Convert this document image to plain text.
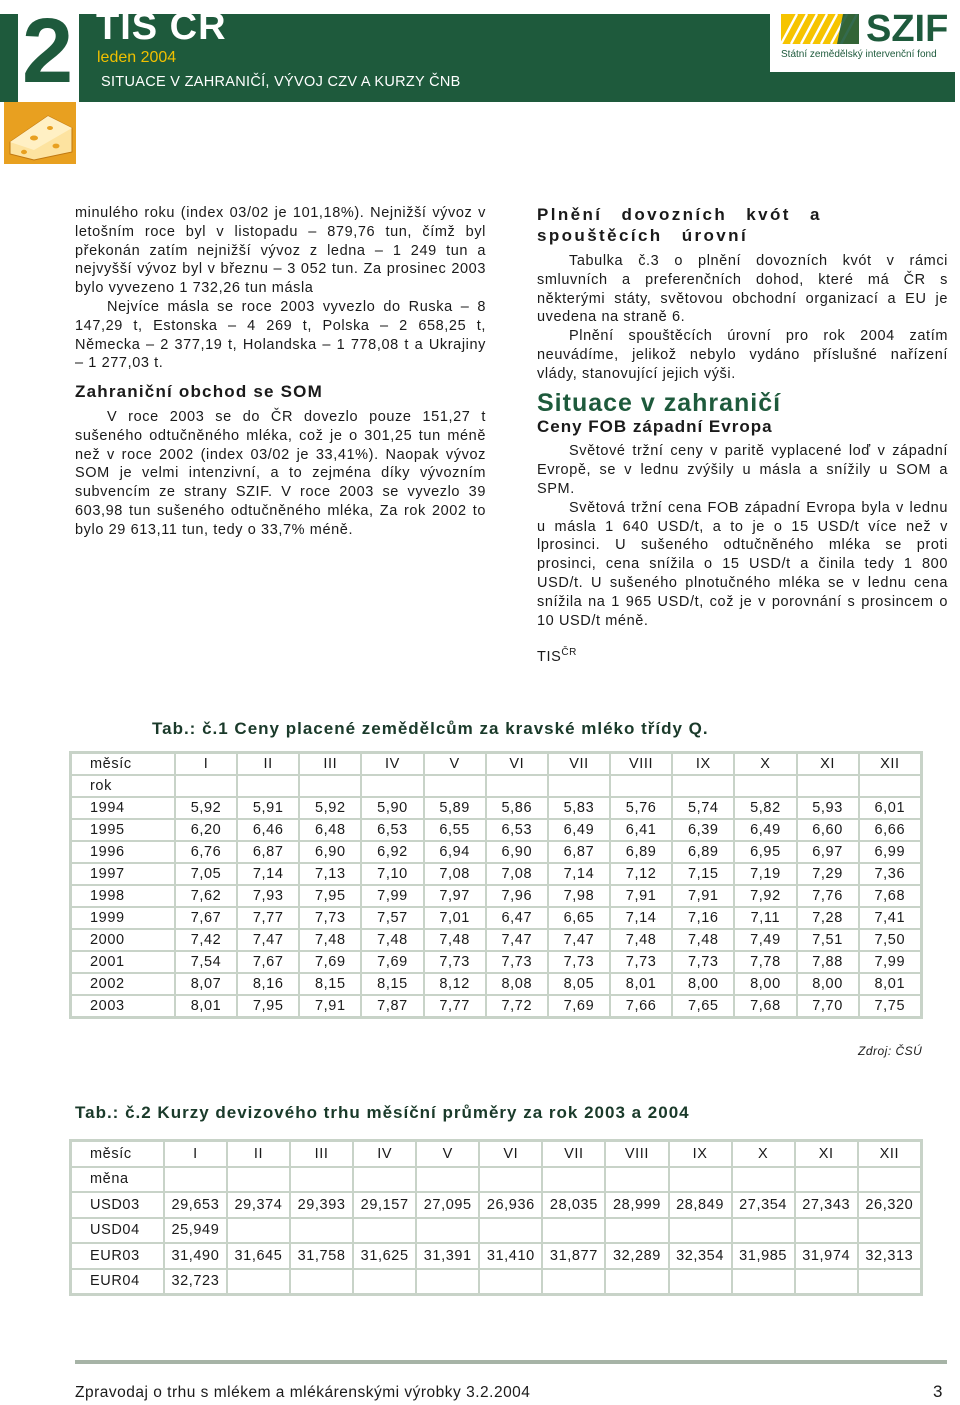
2 TIS ČR
leden 2004
SITUACE V ZAHRANIČÍ, VÝVOJ CZV A KURZY ČNB
SZIF
Státní zemědělský intervenční fond

minulého roku (index 03/02 je 101,18%). Nejnižší vývoz v letošním roce byl v listopadu – 879,76 tun, čímž byl překonán zatím nejnižší vývoz z ledna – 1 249 tun a nejvyšší vývoz byl v březnu – 3 052 tun. Za prosinec 2003 bylo vyvezeno 1 732,26 tun másla

Nejvíce másla se roce 2003 vyvezlo do Ruska – 8 147,29 t, Estonska – 4 269 t, Polska – 2 658,25 t, Německa – 2 377,19 t, Holandska – 1 778,08 t a Ukrajiny – 1 277,03 t.

Zahraniční obchod se SOM

V roce 2003 se do ČR dovezlo pouze 151,27 t sušeného odtučněného mléka, což je o 301,25 tun méně než v roce 2002 (index 03/02 je 33,41%). Naopak vývoz SOM je velmi intenzivní, a to zejména díky vývozním subvencím ze strany SZIF. V roce 2003 se vyvezlo 39 603,98 tun sušeného odtučněného mléka, Za rok 2002 to bylo 29 613,11 tun, tedy o 33,7% méně.

Plnění dovozních kvót a spouštěcích úrovní

Tabulka č.3 o plnění dovozních kvót v rámci smluvních a preferenčních dohod, které má ČR s některými státy, světovou obchodní organizací a EU je uvedena na straně 6.

Plnění spouštěcích úrovní pro rok 2004 zatím neuvádíme, jelikož nebylo vydáno příslušné nařízení vlády, stanovující jejich výši.

Situace v zahraničí
Ceny FOB západní Evropa

Světové tržní ceny v paritě vyplacené loď v západní Evropě, se v lednu zvýšily u másla a snížily u SOM a SPM.

Světová tržní cena FOB západní Evropa byla v lednu u másla 1 640 USD/t, a to je o 15 USD/t více než v lprosinci. U sušeného odtučněného mléka se proti prosinci, cena snížila o 15 USD/t a činila tedy 1 800 USD/t. U sušeného plnotučného mléka se v lednu cena snížila na 1 965 USD/t, což je v porovnání s prosincem o 10 USD/t méně.

$TIS^{ČR}$

Tab.: č.1 Ceny placené zemědělcům za kravské mléko třídy Q.
měsíc	I	II	III	IV	V	VI	VII	VIII	IX	X	XI	XII
rok												
1994	5,92	5,91	5,92	5,90	5,89	5,86	5,83	5,76	5,74	5,82	5,93	6,01
1995	6,20	6,46	6,48	6,53	6,55	6,53	6,49	6,41	6,39	6,49	6,60	6,66
1996	6,76	6,87	6,90	6,92	6,94	6,90	6,87	6,89	6,89	6,95	6,97	6,99
1997	7,05	7,14	7,13	7,10	7,08	7,08	7,14	7,12	7,15	7,19	7,29	7,36
1998	7,62	7,93	7,95	7,99	7,97	7,96	7,98	7,91	7,91	7,92	7,76	7,68
1999	7,67	7,77	7,73	7,57	7,01	6,47	6,65	7,14	7,16	7,11	7,28	7,41
2000	7,42	7,47	7,48	7,48	7,48	7,47	7,47	7,48	7,48	7,49	7,51	7,50
2001	7,54	7,67	7,69	7,69	7,73	7,73	7,73	7,73	7,73	7,78	7,88	7,99
2002	8,07	8,16	8,15	8,15	8,12	8,08	8,05	8,01	8,00	8,00	8,00	8,01
2003	8,01	7,95	7,91	7,87	7,77	7,72	7,69	7,66	7,65	7,68	7,70	7,75
Zdroj: ČSÚ
Tab.: č.2 Kurzy devizového trhu měsíční průměry za rok 2003 a 2004
měsíc	I	II	III	IV	V	VI	VII	VIII	IX	X	XI	XII
měna												
USD03	29,653	29,374	29,393	29,157	27,095	26,936	28,035	28,999	28,849	27,354	27,343	26,320
USD04	25,949											
EUR03	31,490	31,645	31,758	31,625	31,391	31,410	31,877	32,289	32,354	31,985	31,974	32,313
EUR04	32,723											
Zpravodaj o trhu s mlékem a mlékárenskými výrobky 3.2.2004	3
